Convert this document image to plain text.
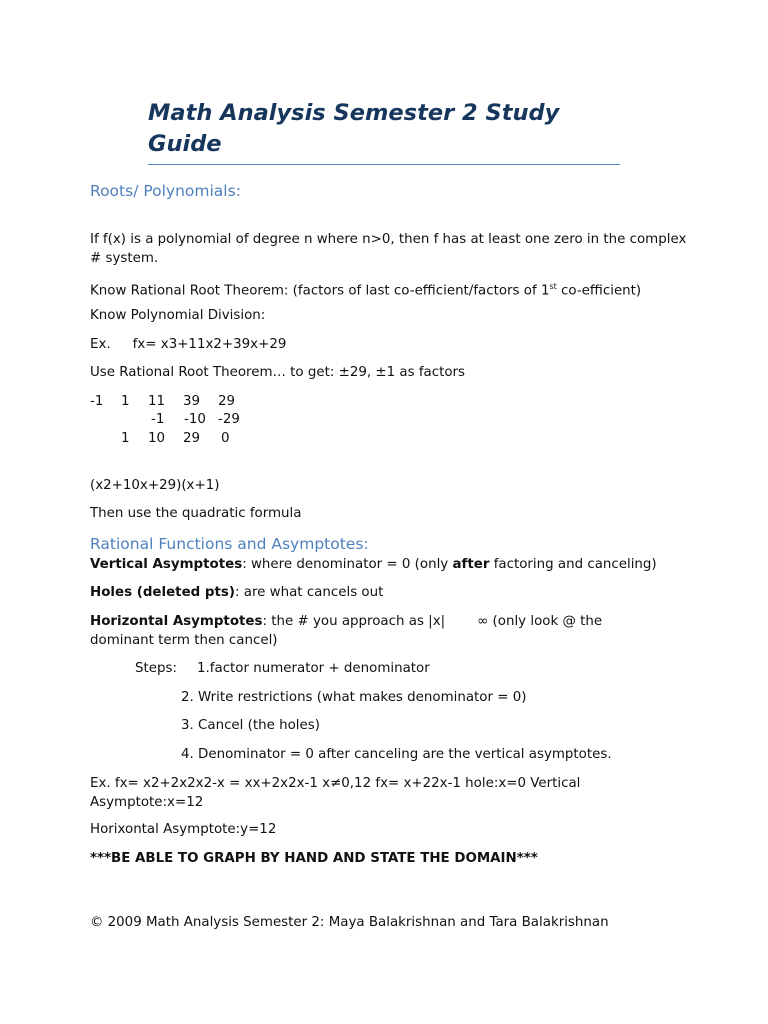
Math Analysis Semester 2 Study Guide
Roots/ Polynomials:

If f(x) is a polynomial of degree n where n>0, then f has at least one zero in the complex # system.

Know Rational Root Theorem: (factors of last co-efficient/factors of 1st co-efficient)

Know Polynomial Division:

Ex. fx= x3+11x2+39x+29

Use Rational Root Theorem… to get: ±29, ±1 as factors

-1 1 11 39 29
-1 -10 -29
1 10 29 0

(x2+10x+29)(x+1)

Then use the quadratic formula

Rational Functions and Asymptotes:

Vertical Asymptotes: where denominator = 0 (only after factoring and canceling)

Holes (deleted pts): are what cancels out

Horizontal Asymptotes: the # you approach as |x| ∞ (only look @ the dominant term then cancel)

Steps: 1.factor numerator + denominator

2. Write restrictions (what makes denominator = 0)

3. Cancel (the holes)

4. Denominator = 0 after canceling are the vertical asymptotes.

Ex. fx= x2+2x2x2-x = xx+2x2x-1 x≠0,12 fx= x+22x-1 hole:x=0 Vertical Asymptote:x=12

Horixontal Asymptote:y=12

***BE ABLE TO GRAPH BY HAND AND STATE THE DOMAIN***

© 2009 Math Analysis Semester 2: Maya Balakrishnan and Tara Balakrishnan
